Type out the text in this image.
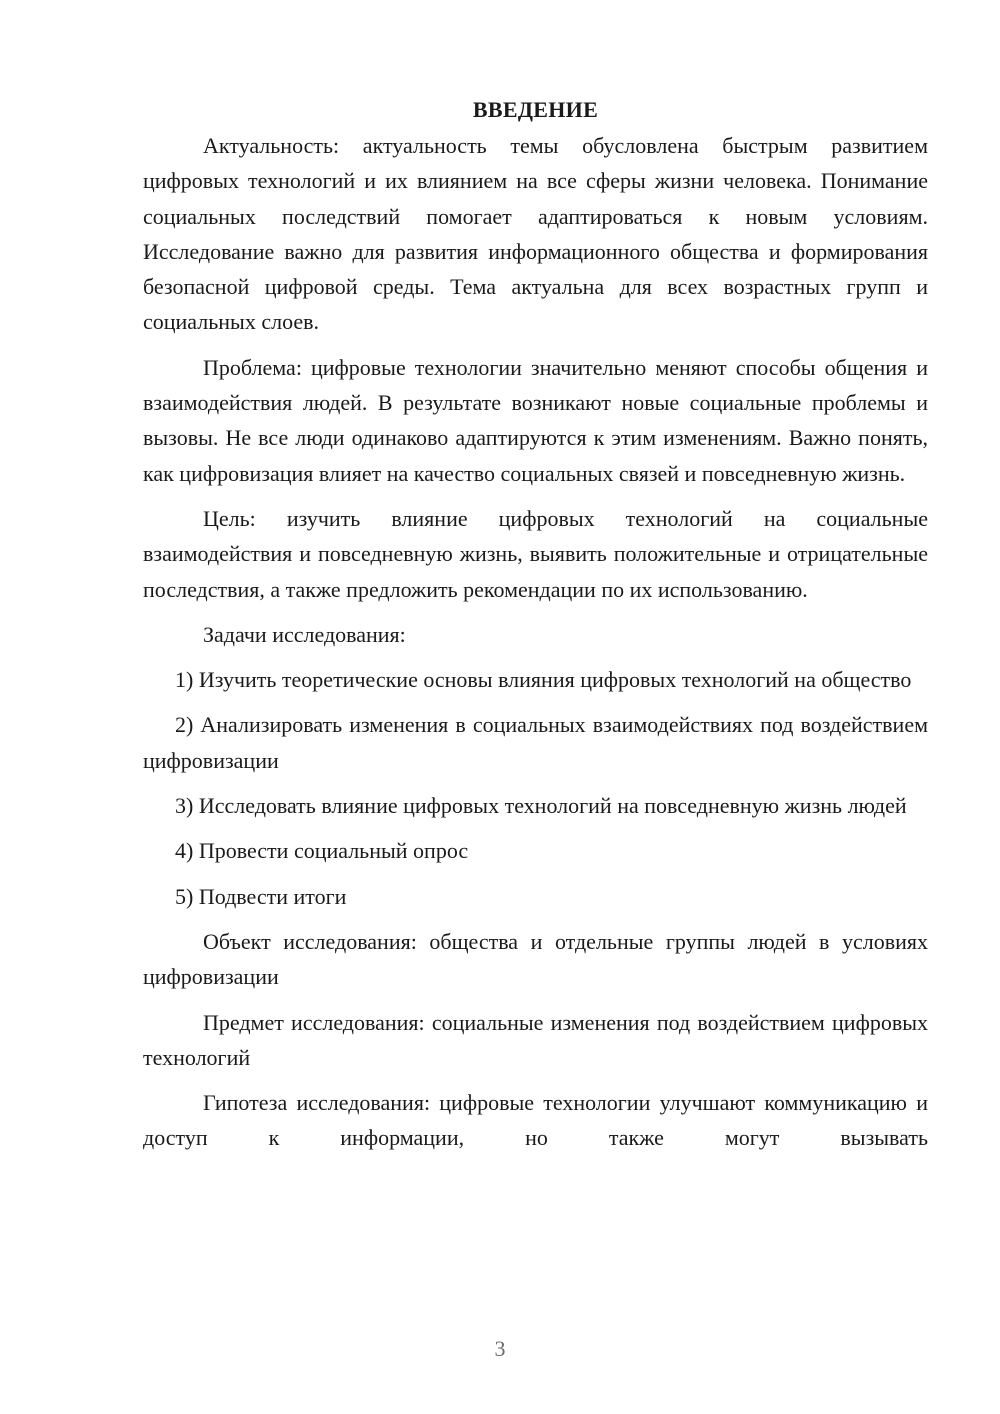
ВВЕДЕНИЕ

Актуальность: актуальность темы обусловлена быстрым развитием цифровых технологий и их влиянием на все сферы жизни человека. Понимание социальных последствий помогает адаптироваться к новым условиям. Исследование важно для развития информационного общества и формирования безопасной цифровой среды. Тема актуальна для всех возрастных групп и социальных слоев.

Проблема: цифровые технологии значительно меняют способы общения и взаимодействия людей. В результате возникают новые социальные проблемы и вызовы. Не все люди одинаково адаптируются к этим изменениям. Важно понять, как цифровизация влияет на качество социальных связей и повседневную жизнь.

Цель: изучить влияние цифровых технологий на социальные взаимодействия и повседневную жизнь, выявить положительные и отрицательные последствия, а также предложить рекомендации по их использованию.

Задачи исследования:

1) Изучить теоретические основы влияния цифровых технологий на общество

2) Анализировать изменения в социальных взаимодействиях под воздействием цифровизации

3) Исследовать влияние цифровых технологий на повседневную жизнь людей

4) Провести социальный опрос

5) Подвести итоги

Объект исследования: общества и отдельные группы людей в условиях цифровизации

Предмет исследования: социальные изменения под воздействием цифровых технологий

Гипотеза исследования: цифровые технологии улучшают коммуникацию и доступ к информации, но также могут вызывать

3
